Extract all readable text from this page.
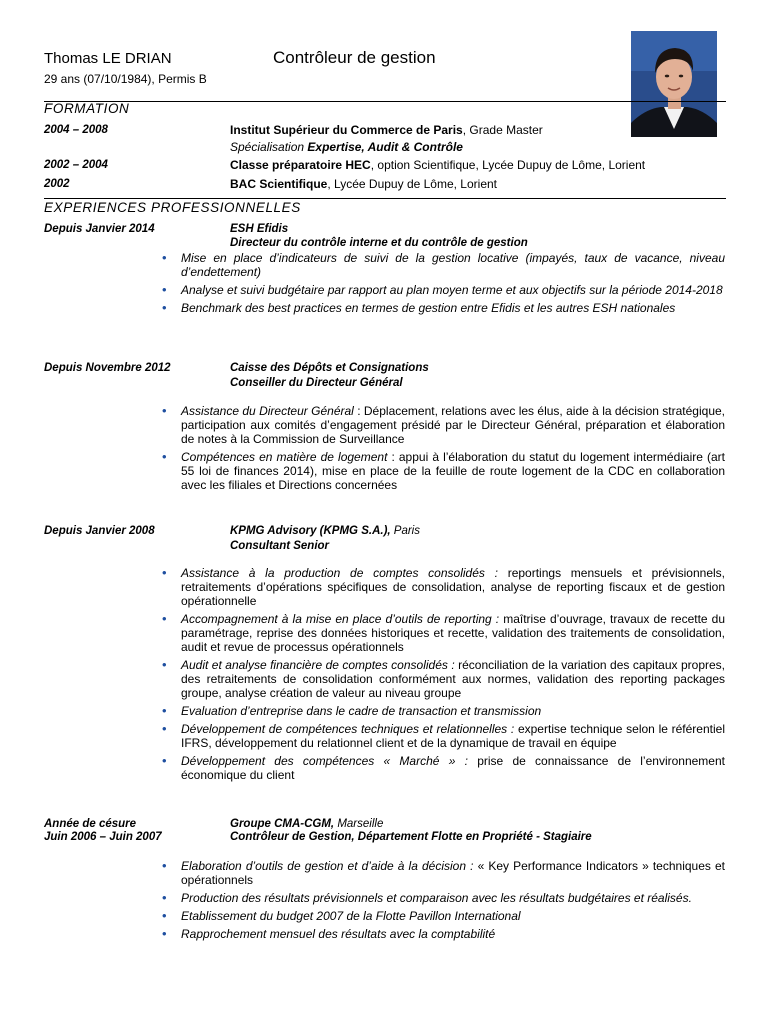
Thomas LE DRIAN	Contrôleur de gestion
29 ans (07/10/1984), Permis B
FORMATION
2004 – 2008	Institut Supérieur du Commerce de Paris, Grade Master
Spécialisation Expertise, Audit & Contrôle
2002 – 2004	Classe préparatoire HEC, option Scientifique, Lycée Dupuy de Lôme, Lorient
2002	BAC Scientifique, Lycée Dupuy de Lôme, Lorient
EXPERIENCES PROFESSIONNELLES
Depuis Janvier 2014	ESH Efidis
Directeur du contrôle interne et du contrôle de gestion
• Mise en place d’indicateurs de suivi de la gestion locative (impayés, taux de vacance, niveau d’endettement)
• Analyse et suivi budgétaire par rapport au plan moyen terme et aux objectifs sur la période 2014-2018
• Benchmark des best practices en termes de gestion entre Efidis et les autres ESH nationales
Depuis Novembre 2012	Caisse des Dépôts et Consignations
Conseiller du Directeur Général
• Assistance du Directeur Général : Déplacement, relations avec les élus, aide à la décision stratégique, participation aux comités d’engagement présidé par le Directeur Général, préparation et élaboration de notes à la Commission de Surveillance
• Compétences en matière de logement : appui à l’élaboration du statut du logement intermédiaire (art 55 loi de finances 2014), mise en place de la feuille de route logement de la CDC en collaboration avec les filiales et Directions concernées
Depuis Janvier 2008	KPMG Advisory (KPMG S.A.), Paris
Consultant Senior
• Assistance à la production de comptes consolidés : reportings mensuels et prévisionnels, retraitements d’opérations spécifiques de consolidation, analyse de reporting fiscaux et de gestion opérationnelle
• Accompagnement à la mise en place d’outils de reporting : maîtrise d’ouvrage, travaux de recette du paramétrage, reprise des données historiques et recette, validation des traitements de consolidation, audit et revue de processus opérationnels
• Audit et analyse financière de comptes consolidés : réconciliation de la variation des capitaux propres, des retraitements de consolidation conformément aux normes, validation des reporting packages groupe, analyse création de valeur au niveau groupe
• Evaluation d’entreprise dans le cadre de transaction et transmission
• Développement de compétences techniques et relationnelles : expertise technique selon le référentiel IFRS, développement du relationnel client et de la dynamique de travail en équipe
• Développement des compétences « Marché » : prise de connaissance de l’environnement économique du client
Année de césure	Groupe CMA-CGM, Marseille
Juin 2006 – Juin 2007	Contrôleur de Gestion, Département Flotte en Propriété - Stagiaire
• Elaboration d’outils de gestion et d’aide à la décision : « Key Performance Indicators » techniques et opérationnels
• Production des résultats prévisionnels et comparaison avec les résultats budgétaires et réalisés.
• Etablissement du budget 2007 de la Flotte Pavillon International
• Rapprochement mensuel des résultats avec la comptabilité
